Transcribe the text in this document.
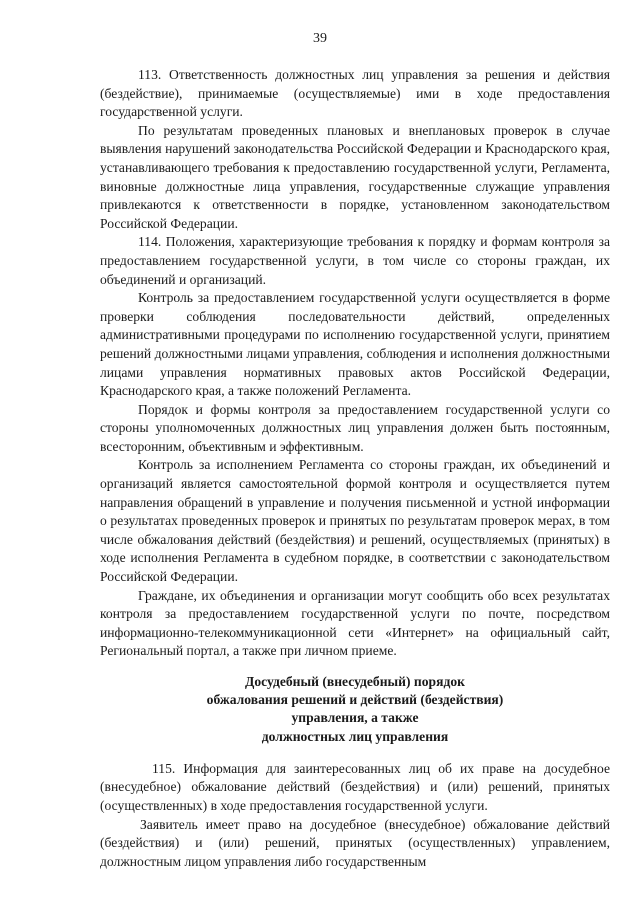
39

113. Ответственность должностных лиц управления за решения и действия (бездействие), принимаемые (осуществляемые) ими в ходе предоставления государственной услуги.

По результатам проведенных плановых и внеплановых проверок в случае выявления нарушений законодательства Российской Федерации и Краснодарского края, устанавливающего требования к предоставлению государственной услуги, Регламента, виновные должностные лица управления, государственные служащие управления привлекаются к ответственности в порядке, установленном законодательством Российской Федерации.

114. Положения, характеризующие требования к порядку и формам контроля за предоставлением государственной услуги, в том числе со стороны граждан, их объединений и организаций.

Контроль за предоставлением государственной услуги осуществляется в форме проверки соблюдения последовательности действий, определенных административными процедурами по исполнению государственной услуги, принятием решений должностными лицами управления, соблюдения и исполнения должностными лицами управления нормативных правовых актов Российской Федерации, Краснодарского края, а также положений Регламента.

Порядок и формы контроля за предоставлением государственной услуги со стороны уполномоченных должностных лиц управления должен быть постоянным, всесторонним, объективным и эффективным.

Контроль за исполнением Регламента со стороны граждан, их объединений и организаций является самостоятельной формой контроля и осуществляется путем направления обращений в управление и получения письменной и устной информации о результатах проведенных проверок и принятых по результатам проверок мерах, в том числе обжалования действий (бездействия) и решений, осуществляемых (принятых) в ходе исполнения Регламента в судебном порядке, в соответствии с законодательством Российской Федерации.

Граждане, их объединения и организации могут сообщить обо всех результатах контроля за предоставлением государственной услуги по почте, посредством информационно-телекоммуникационной сети «Интернет» на официальный сайт, Региональный портал, а также при личном приеме.

Досудебный (внесудебный) порядок
обжалования решений и действий (бездействия)
управления, а также
должностных лиц управления

115. Информация для заинтересованных лиц об их праве на досудебное (внесудебное) обжалование действий (бездействия) и (или) решений, принятых (осуществленных) в ходе предоставления государственной услуги.

Заявитель имеет право на досудебное (внесудебное) обжалование действий (бездействия) и (или) решений, принятых (осуществленных) управлением, должностным лицом управления либо государственным
